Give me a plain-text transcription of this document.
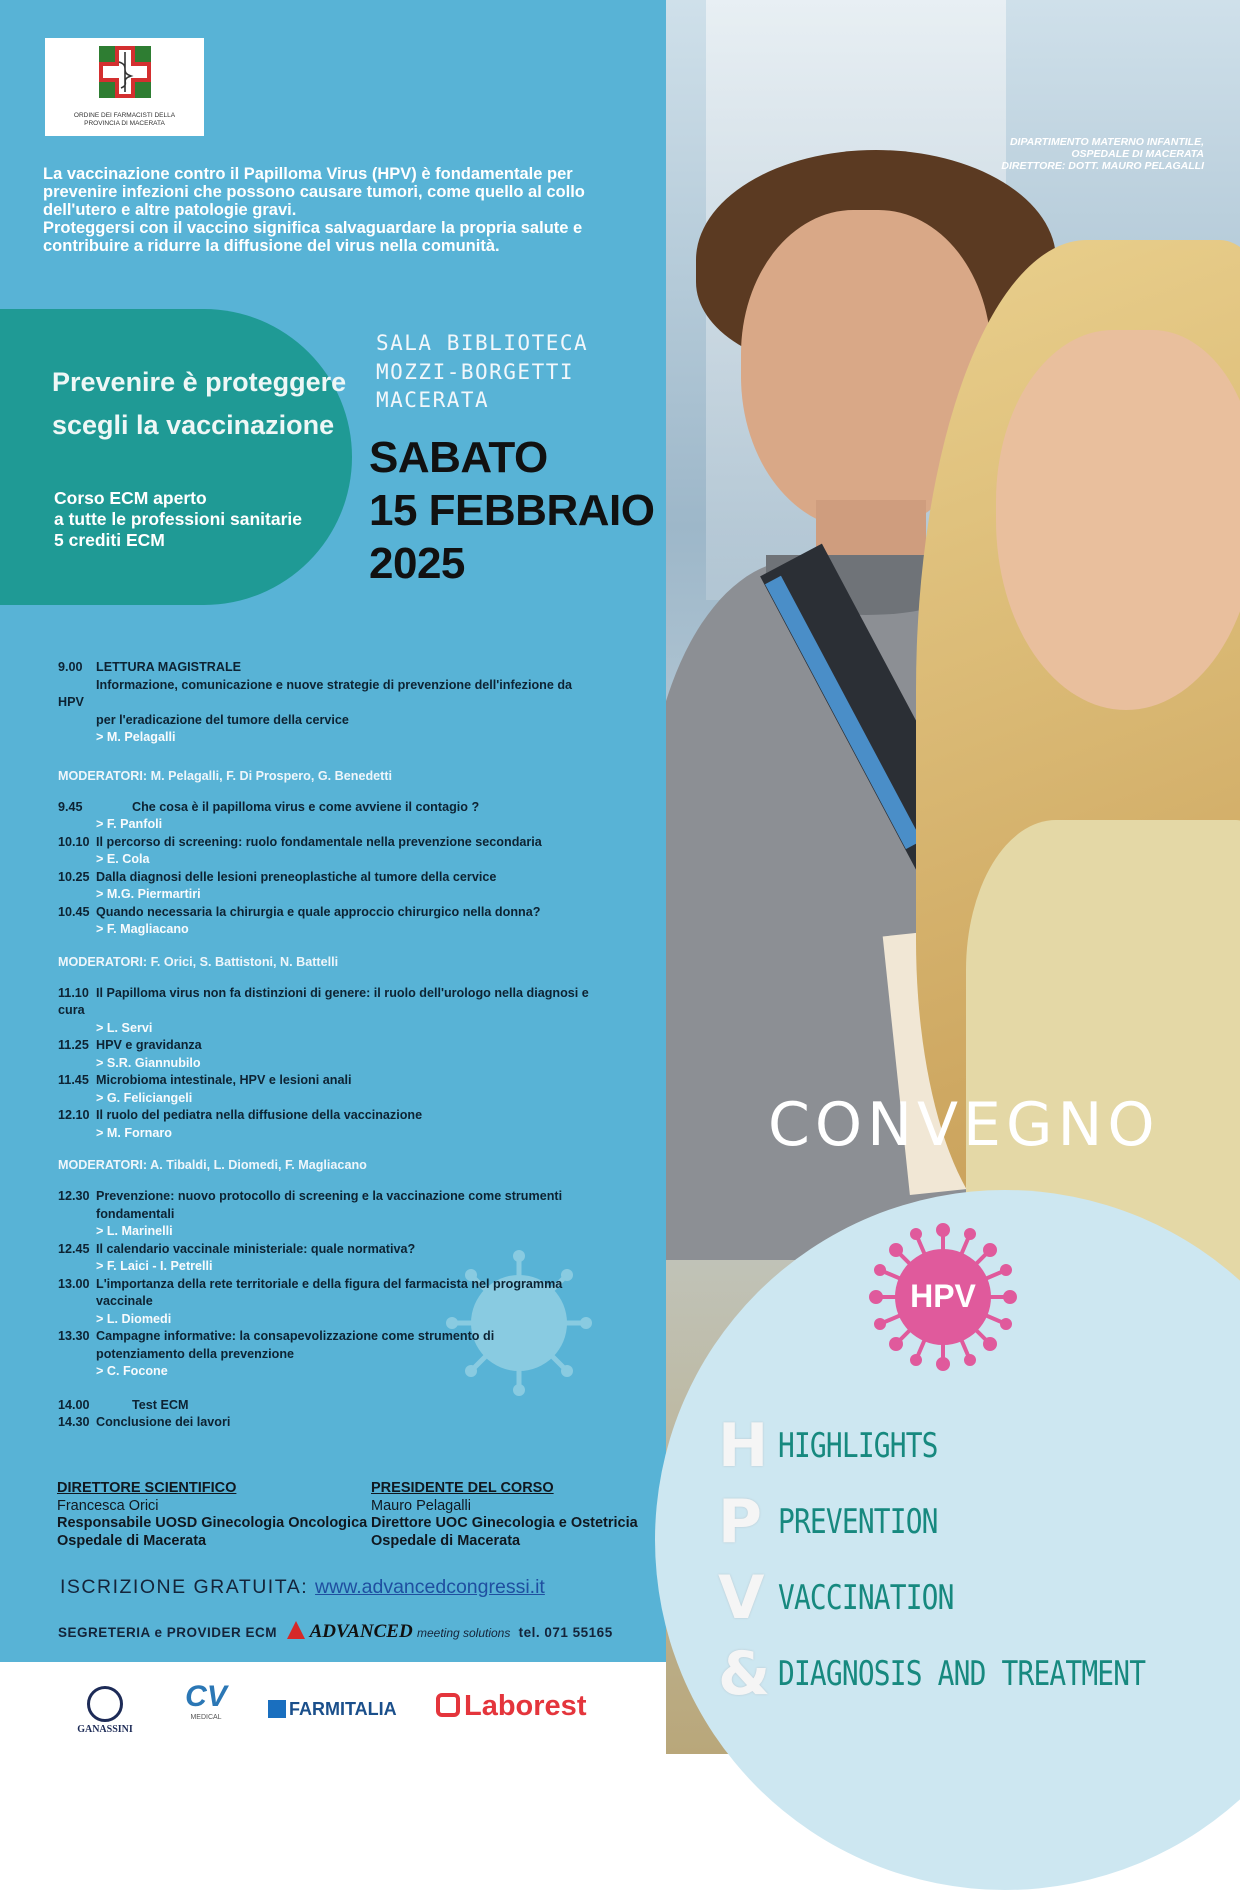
ORDINE DEI FARMACISTI DELLA PROVINCIA DI MACERATA
La vaccinazione contro il Papilloma Virus (HPV) è fondamentale per prevenire infezioni che possono causare tumori, come quello al collo dell'utero e altre patologie gravi.
Proteggersi con il vaccino significa salvaguardare la propria salute e contribuire a ridurre la diffusione del virus nella comunità.
Prevenire è proteggere
scegli la vaccinazione
Corso ECM aperto
a tutte le professioni sanitarie
5 crediti ECM
SALA BIBLIOTECA
MOZZI-BORGETTI
MACERATA
SABATO
15 FEBBRAIO
2025
9.00	LETTURA MAGISTRALE
Informazione, comunicazione e nuove strategie di prevenzione dell'infezione da
HPV
per l'eradicazione del tumore della cervice
> M. Pelagalli
MODERATORI: M. Pelagalli, F. Di Prospero, G. Benedetti
9.45	Che cosa è il papilloma virus e come avviene il contagio ?
> F. Panfoli
10.10 Il percorso di screening: ruolo fondamentale nella prevenzione secondaria
> E. Cola
10.25 Dalla diagnosi delle lesioni preneoplastiche al tumore della cervice
> M.G. Piermartiri
10.45 Quando necessaria la chirurgia e quale approccio chirurgico nella donna?
> F. Magliacano
MODERATORI: F. Orici, S. Battistoni, N. Battelli
11.10 Il Papilloma virus non fa distinzioni di genere: il ruolo dell'urologo nella diagnosi e
cura
> L. Servi
11.25 HPV e gravidanza
> S.R. Giannubilo
11.45 Microbioma intestinale, HPV e lesioni anali
> G. Feliciangeli
12.10 Il ruolo del pediatra nella diffusione della vaccinazione
> M. Fornaro
MODERATORI: A. Tibaldi, L. Diomedi, F. Magliacano
12.30 Prevenzione: nuovo protocollo di screening e la vaccinazione come strumenti
fondamentali
> L. Marinelli
12.45 Il calendario vaccinale ministeriale: quale normativa?
> F. Laici - I. Petrelli
13.00 L'importanza della rete territoriale e della figura del farmacista nel programma
vaccinale
> L. Diomedi
13.30 Campagne informative: la consapevolizzazione come strumento di
potenziamento della prevenzione
> C. Focone
14.00	Test ECM
14.30 Conclusione dei lavori
DIRETTORE SCIENTIFICO
Francesca Orici
Responsabile UOSD Ginecologia Oncologica
Ospedale di Macerata
PRESIDENTE DEL CORSO
Mauro Pelagalli
Direttore UOC Ginecologia e Ostetricia
Ospedale di Macerata
ISCRIZIONE GRATUITA: www.advancedcongressi.it
SEGRETERIA e PROVIDER ECM ADVANCED meeting solutions tel. 071 55165
GANASSINI
CV
MEDICAL	FARMITALIA	Laborest
DIPARTIMENTO MATERNO INFANTILE,
OSPEDALE DI MACERATA
DIRETTORE: DOTT. MAURO PELAGALLI
CONVEGNO
HPV
H HIGHLIGHTS
P PREVENTION
V VACCINATION
& DIAGNOSIS AND TREATMENT
